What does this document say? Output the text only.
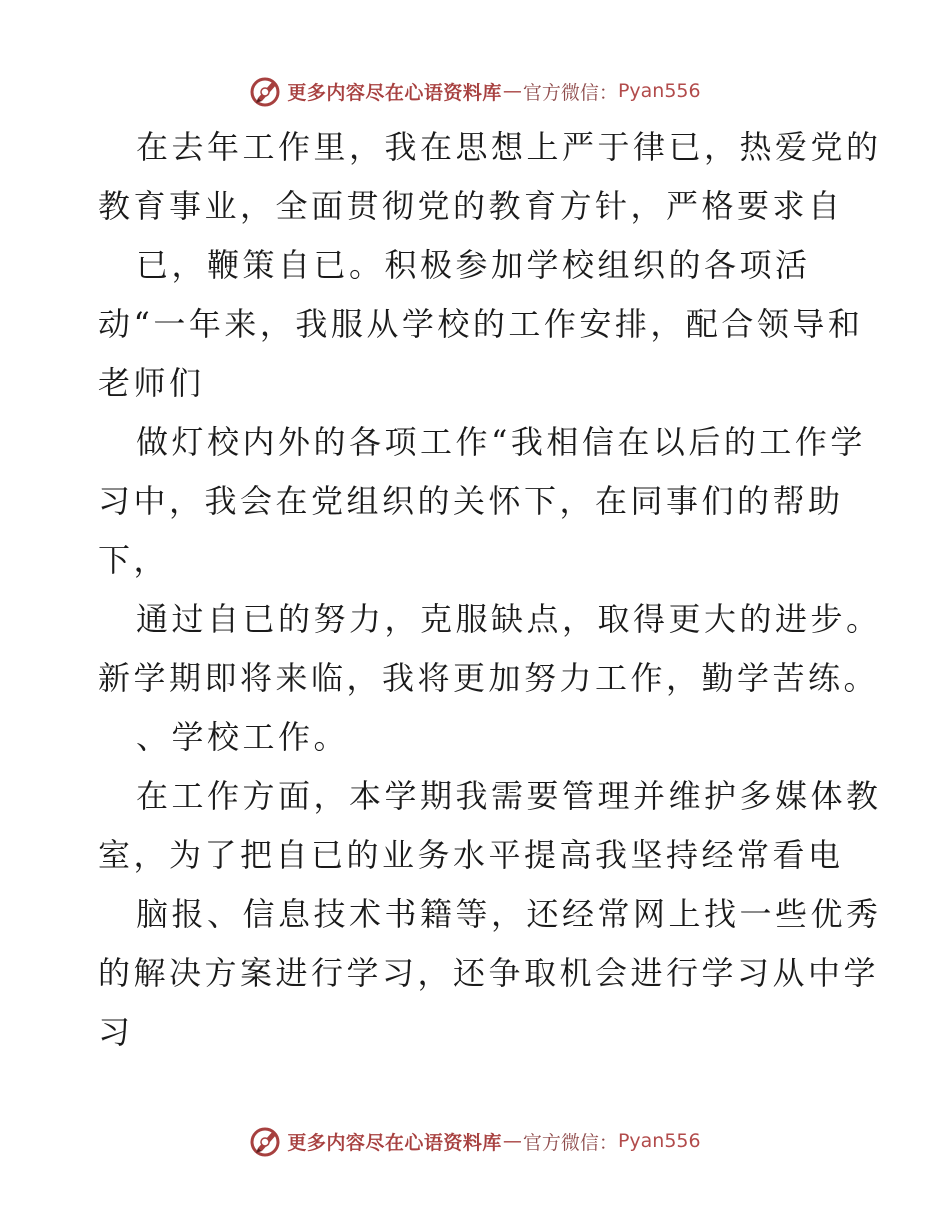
更多内容尽在心语资料库 — 官方微信： Pyan556
在去年工作里，我在思想上严于律已，热爱党的
教育事业，全面贯彻党的教育方针，严格要求自
已，鞭策自已。积极参加学校组织的各项活
动“一年来，我服从学校的工作安排，配合领导和
老师们
做灯校内外的各项工作“我相信在以后的工作学
习中，我会在党组织的关怀下，在同事们的帮助
下，
通过自已的努力，克服缺点，取得更大的进步。
新学期即将来临，我将更加努力工作，勤学苦练。
、学校工作。
在工作方面，本学期我需要管理并维护多媒体教
室，为了把自已的业务水平提高我坚持经常看电
脑报、信息技术书籍等，还经常网上找一些优秀
的解决方案进行学习，还争取机会进行学习从中学
习
更多内容尽在心语资料库 — 官方微信： Pyan556
